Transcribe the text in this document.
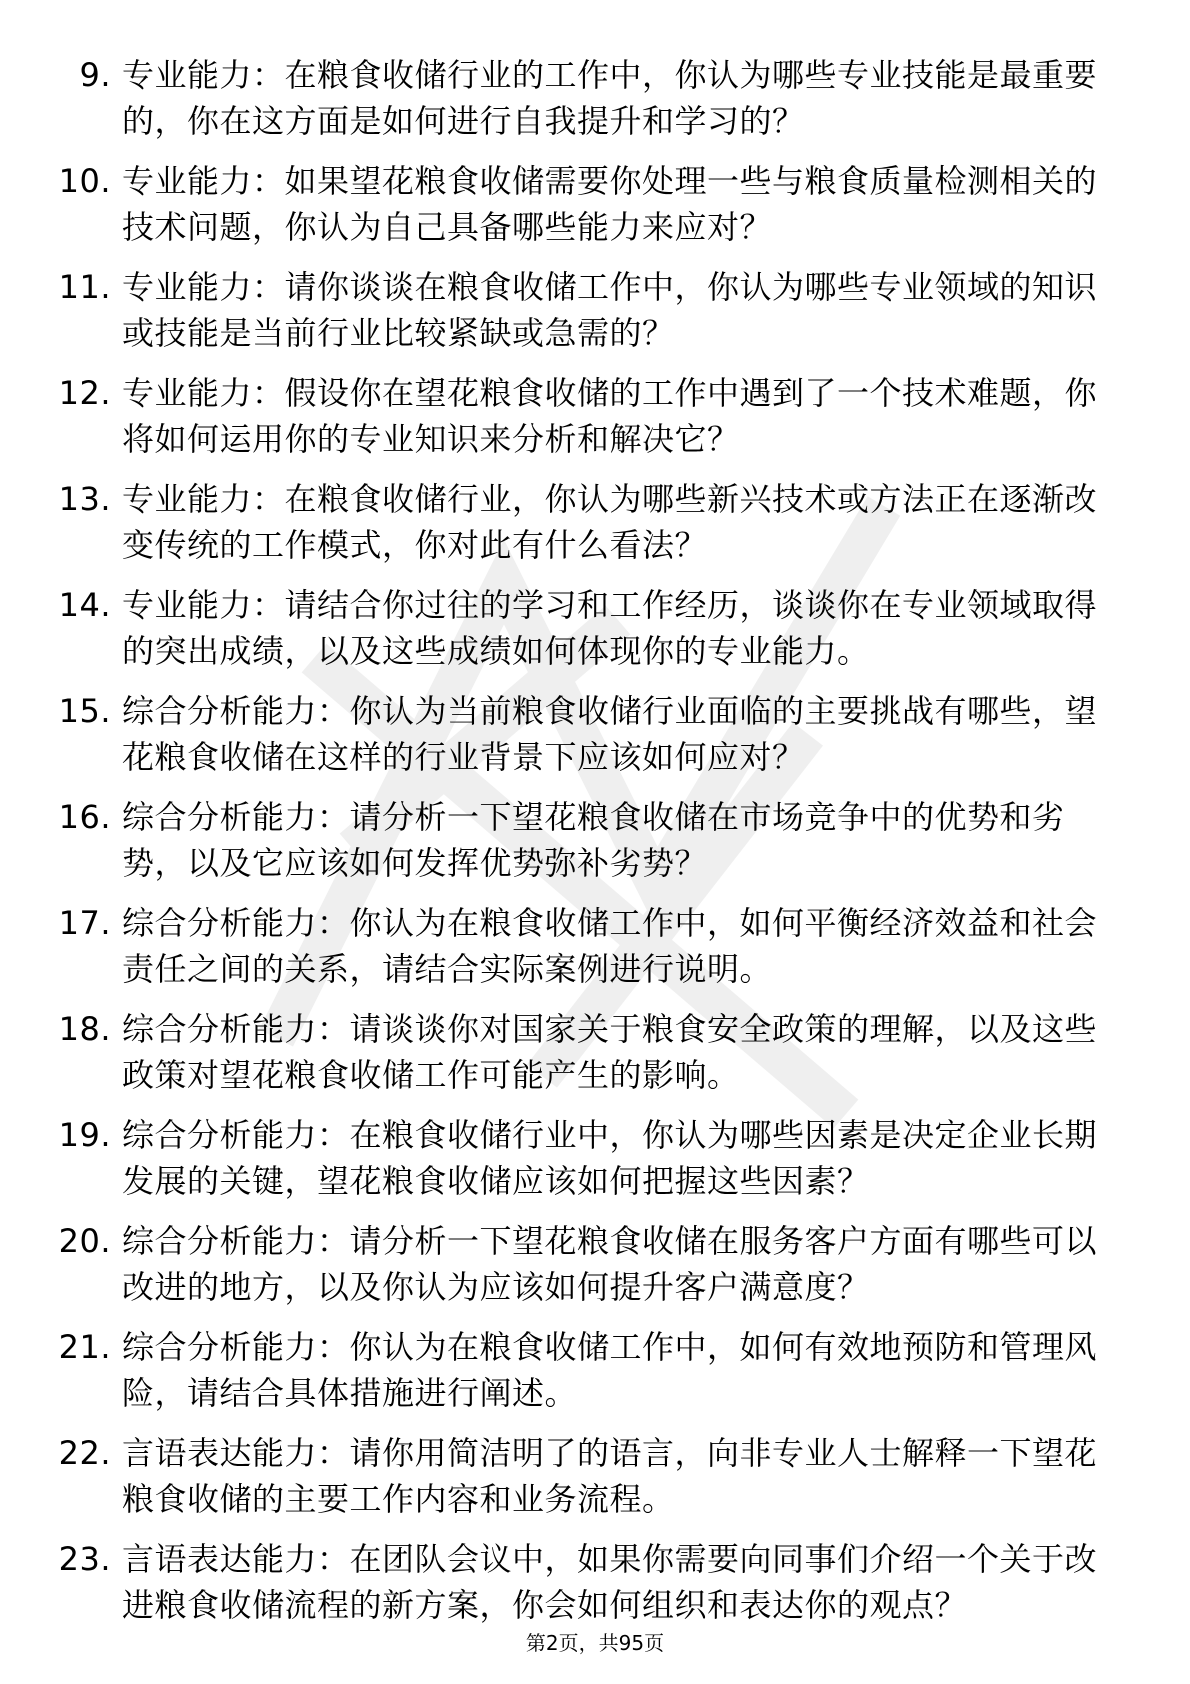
9. 专业能力：在粮食收储行业的工作中，你认为哪些专业技能是最重要的，你在这方面是如何进行自我提升和学习的？
10. 专业能力：如果望花粮食收储需要你处理一些与粮食质量检测相关的技术问题，你认为自己具备哪些能力来应对？
11. 专业能力：请你谈谈在粮食收储工作中，你认为哪些专业领域的知识或技能是当前行业比较紧缺或急需的？
12. 专业能力：假设你在望花粮食收储的工作中遇到了一个技术难题，你将如何运用你的专业知识来分析和解决它？
13. 专业能力：在粮食收储行业，你认为哪些新兴技术或方法正在逐渐改变传统的工作模式，你对此有什么看法？
14. 专业能力：请结合你过往的学习和工作经历，谈谈你在专业领域取得的突出成绩，以及这些成绩如何体现你的专业能力。
15. 综合分析能力：你认为当前粮食收储行业面临的主要挑战有哪些，望花粮食收储在这样的行业背景下应该如何应对？
16. 综合分析能力：请分析一下望花粮食收储在市场竞争中的优势和劣势，以及它应该如何发挥优势弥补劣势？
17. 综合分析能力：你认为在粮食收储工作中，如何平衡经济效益和社会责任之间的关系，请结合实际案例进行说明。
18. 综合分析能力：请谈谈你对国家关于粮食安全政策的理解，以及这些政策对望花粮食收储工作可能产生的影响。
19. 综合分析能力：在粮食收储行业中，你认为哪些因素是决定企业长期发展的关键，望花粮食收储应该如何把握这些因素？
20. 综合分析能力：请分析一下望花粮食收储在服务客户方面有哪些可以改进的地方，以及你认为应该如何提升客户满意度？
21. 综合分析能力：你认为在粮食收储工作中，如何有效地预防和管理风险，请结合具体措施进行阐述。
22. 言语表达能力：请你用简洁明了的语言，向非专业人士解释一下望花粮食收储的主要工作内容和业务流程。
23. 言语表达能力：在团队会议中，如果你需要向同事们介绍一个关于改进粮食收储流程的新方案，你会如何组织和表达你的观点？
第2页，共95页
